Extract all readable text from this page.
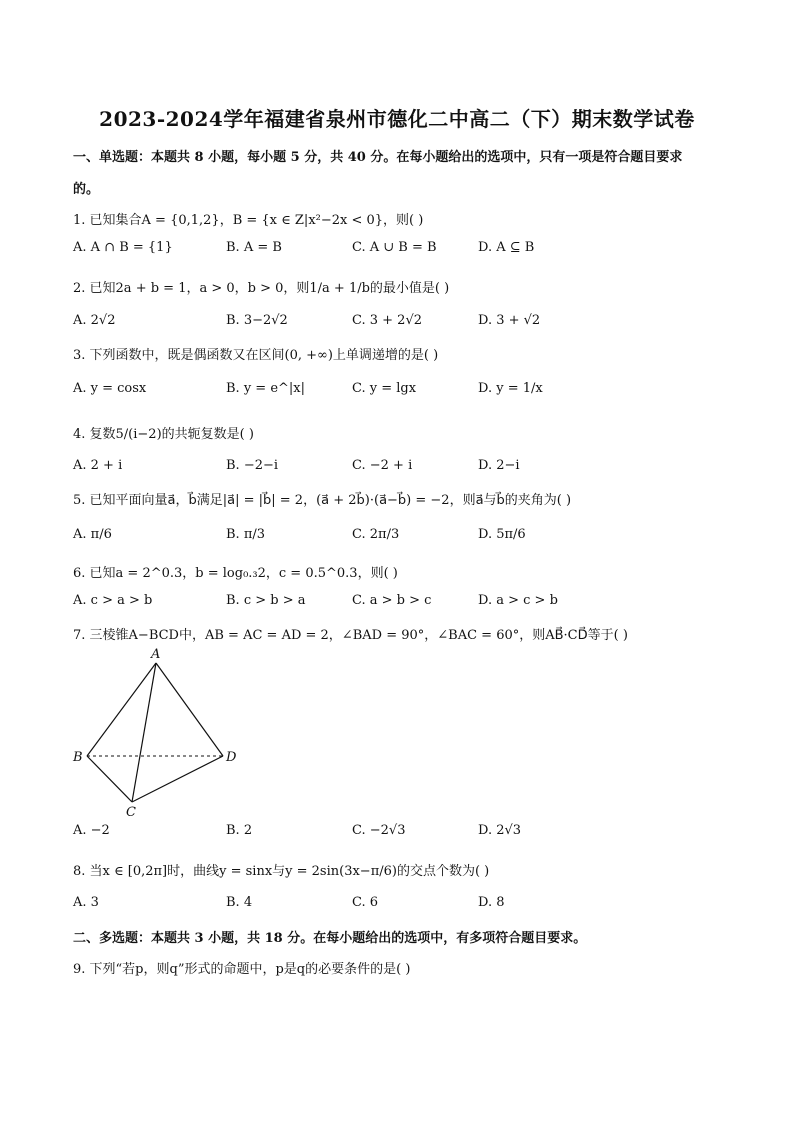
2023-2024学年福建省泉州市德化二中高二（下）期末数学试卷
一、单选题：本题共 8 小题，每小题 5 分，共 40 分。在每小题给出的选项中，只有一项是符合题目要求
的。
1. 已知集合A = {0,1,2}，B = {x ∈ Z|x²−2x < 0}，则( )
A. A ∩ B = {1}	B. A = B	C. A ∪ B = B	D. A ⊆ B
2. 已知2a + b = 1，a > 0，b > 0，则1/a + 1/b的最小值是( )
A. 2√2	B. 3−2√2	C. 3 + 2√2	D. 3 + √2
3. 下列函数中，既是偶函数又在区间(0, +∞)上单调递增的是( )
A. y = cosx	B. y = e^|x|	C. y = lgx	D. y = 1/x
4. 复数5/(i−2)的共轭复数是( )
A. 2 + i	B. −2−i	C. −2 + i	D. 2−i
5. 已知平面向量a⃗，b⃗满足|a⃗| = |b⃗| = 2，(a⃗ + 2b⃗)·(a⃗−b⃗) = −2，则a⃗与b⃗的夹角为( )
A. π/6	B. π/3	C. 2π/3	D. 5π/6
6. 已知a = 2^0.3，b = log₀.₃2，c = 0.5^0.3，则( )
A. c > a > b	B. c > b > a	C. a > b > c	D. a > c > b
7. 三棱锥A−BCD中，AB = AC = AD = 2，∠BAD = 90°，∠BAC = 60°，则AB⃗·CD⃗等于( )
A
B
C
D
A. −2	B. 2	C. −2√3	D. 2√3
8. 当x ∈ [0,2π]时，曲线y = sinx与y = 2sin(3x−π/6)的交点个数为( )
A. 3	B. 4	C. 6	D. 8
二、多选题：本题共 3 小题，共 18 分。在每小题给出的选项中，有多项符合题目要求。
9. 下列“若p，则q”形式的命题中，p是q的必要条件的是( )
